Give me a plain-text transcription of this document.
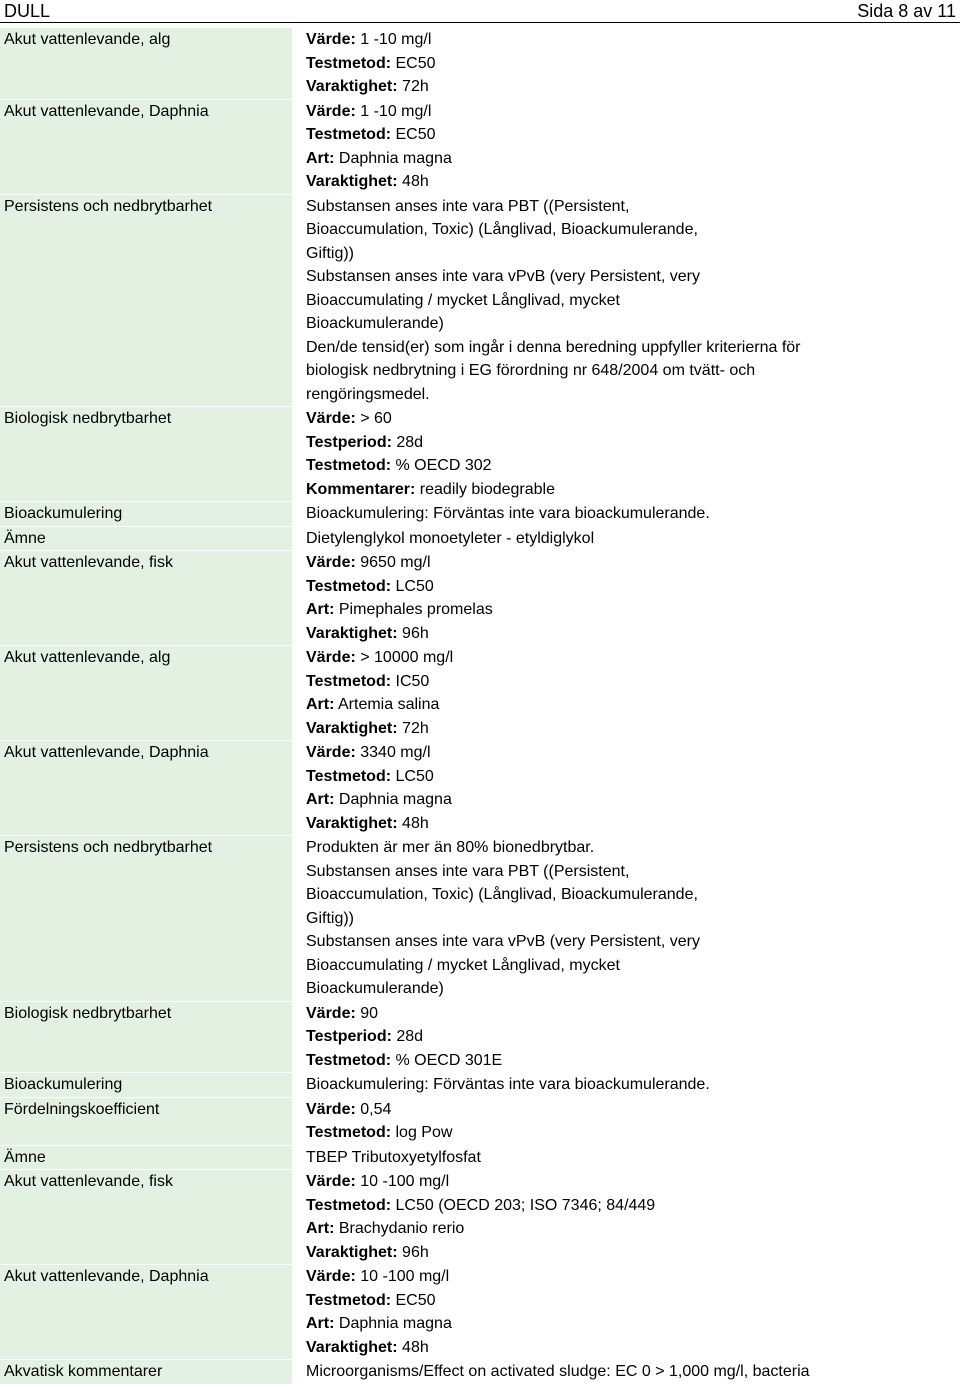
DULL	Sida 8 av 11
Akut vattenlevande, alg	Värde: 1 -10 mg/l
Testmetod: EC50
Varaktighet: 72h
Akut vattenlevande, Daphnia	Värde: 1 -10 mg/l
Testmetod: EC50
Art: Daphnia magna
Varaktighet: 48h
Persistens och nedbrytbarhet	Substansen anses inte vara PBT ((Persistent,
Bioaccumulation, Toxic) (Långlivad, Bioackumulerande,
Giftig))
Substansen anses inte vara vPvB (very Persistent, very
Bioaccumulating / mycket Långlivad, mycket
Bioackumulerande)
Den/de tensid(er) som ingår i denna beredning uppfyller kriterierna för
biologisk nedbrytning i EG förordning nr 648/2004 om tvätt- och
rengöringsmedel.
Biologisk nedbrytbarhet	Värde: > 60
Testperiod: 28d
Testmetod: % OECD 302
Kommentarer: readily biodegrable
Bioackumulering	Bioackumulering: Förväntas inte vara bioackumulerande.
Ämne	Dietylenglykol monoetyleter - etyldiglykol
Akut vattenlevande, fisk	Värde: 9650 mg/l
Testmetod: LC50
Art: Pimephales promelas
Varaktighet: 96h
Akut vattenlevande, alg	Värde: > 10000 mg/l
Testmetod: IC50
Art: Artemia salina
Varaktighet: 72h
Akut vattenlevande, Daphnia	Värde: 3340 mg/l
Testmetod: LC50
Art: Daphnia magna
Varaktighet: 48h
Persistens och nedbrytbarhet	Produkten är mer än 80% bionedbrytbar.
Substansen anses inte vara PBT ((Persistent,
Bioaccumulation, Toxic) (Långlivad, Bioackumulerande,
Giftig))
Substansen anses inte vara vPvB (very Persistent, very
Bioaccumulating / mycket Långlivad, mycket
Bioackumulerande)
Biologisk nedbrytbarhet	Värde: 90
Testperiod: 28d
Testmetod: % OECD 301E
Bioackumulering	Bioackumulering: Förväntas inte vara bioackumulerande.
Fördelningskoefficient	Värde: 0,54
Testmetod: log Pow
Ämne	TBEP Tributoxyetylfosfat
Akut vattenlevande, fisk	Värde: 10 -100 mg/l
Testmetod: LC50 (OECD 203; ISO 7346; 84/449
Art: Brachydanio rerio
Varaktighet: 96h
Akut vattenlevande, Daphnia	Värde: 10 -100 mg/l
Testmetod: EC50
Art: Daphnia magna
Varaktighet: 48h
Akvatisk kommentarer	Microorganisms/Effect on activated sludge: EC 0 > 1,000 mg/l, bacteria
